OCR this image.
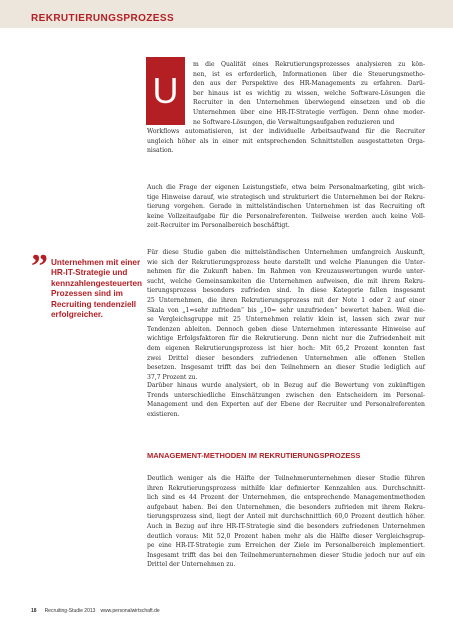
REKRUTIERUNGSPROZESS
U
m die Qualität eines Rekrutierungsprozesses analysieren zu kön-
nen, ist es erforderlich, Informationen über die Steuerungsmetho-
den aus der Perspektive des HR-Managements zu erfahren. Darü-
ber hinaus ist es wichtig zu wissen, welche Software-Lösungen die
Recruiter in den Unternehmen überwiegend einsetzen und ob die
Unternehmen über eine HR-IT-Strategie verfügen. Denn ohne moder-
ne Software-Lösungen, die Verwaltungsaufgaben reduzieren und
Workflows automatisieren, ist der individuelle Arbeitsaufwand für die Recruiter
ungleich höher als in einer mit entsprechenden Schnittstellen ausgestatteten Orga-
nisation.
Auch die Frage der eigenen Leistungstiefe, etwa beim Personalmarketing, gibt wich-
tige Hinweise darauf, wie strategisch und strukturiert die Unternehmen bei der Rekru-
tierung vorgehen. Gerade in mittelständischen Unternehmen ist das Recruiting oft
keine Vollzeitaufgabe für die Personalreferenten. Teilweise werden auch keine Voll-
zeit-Recruiter im Personalbereich beschäftigt.
Für diese Studie gaben die mittelständischen Unternehmen umfangreich Auskunft,
wie sich der Rekrutierungsprozess heute darstellt und welche Planungen die Unter-
nehmen für die Zukunft haben. Im Rahmen von Kreuzauswertungen wurde unter-
sucht, welche Gemeinsamkeiten die Unternehmen aufweisen, die mit ihrem Rekru-
tierungsprozess besonders zufrieden sind. In diese Kategorie fallen insgesamt
25 Unternehmen, die ihren Rekrutierungsprozess mit der Note 1 oder 2 auf einer
Skala von „1=sehr zufrieden“ bis „10= sehr unzufrieden“ bewertet haben. Weil die-
se Vergleichsgruppe mit 25 Unternehmen relativ klein ist, lassen sich zwar nur
Tendenzen ableiten. Dennoch geben diese Unternehmen interessante Hinweise auf
wichtige Erfolgsfaktoren für die Rekrutierung. Denn nicht nur die Zufriedenheit mit
dem eigenen Rekrutierungsprozess ist hier hoch: Mit 65,2 Prozent konnten fast
zwei Drittel dieser besonders zufriedenen Unternehmen alle offenen Stellen
besetzen. Insgesamt trifft das bei den Teilnehmern an dieser Studie lediglich auf
37,7 Prozent zu.
Darüber hinaus wurde analysiert, ob in Bezug auf die Bewertung von zukünftigen
Trends unterschiedliche Einschätzungen zwischen den Entscheidern im Personal-
Management und den Experten auf der Ebene der Recruiter und Personalreferenten
existieren.
Deutlich weniger als die Hälfte der Teilnehmerunternehmen dieser Studie führen
ihren Rekrutierungsprozess mithilfe klar definierter Kennzahlen aus. Durchschnitt-
lich sind es 44 Prozent der Unternehmen, die entsprechende Managementmethoden
aufgebaut haben. Bei den Unternehmen, die besonders zufrieden mit ihrem Rekru-
tierungsprozess sind, liegt der Anteil mit durchschnittlich 60,0 Prozent deutlich höher.
Auch in Bezug auf ihre HR-IT-Strategie sind die besonders zufriedenen Unternehmen
deutlich voraus: Mit 52,0 Prozent haben mehr als die Hälfte dieser Vergleichsgrup-
pe eine HR-IT-Strategie zum Erreichen der Ziele im Personalbereich implementiert.
Insgesamt trifft das bei den Teilnehmerunternehmen dieser Studie jedoch nur auf ein
Drittel der Unternehmen zu.
” Unternehmen mit einer
HR-IT-Strategie und
kennzahlengesteuerten
Prozessen sind im
Recruiting tendenziell
erfolgreicher.
MANAGEMENT-METHODEN IM REKRUTIERUNGSPROZESS
18 Recruiting-Studie 2013 www.personalwirtschaft.de
